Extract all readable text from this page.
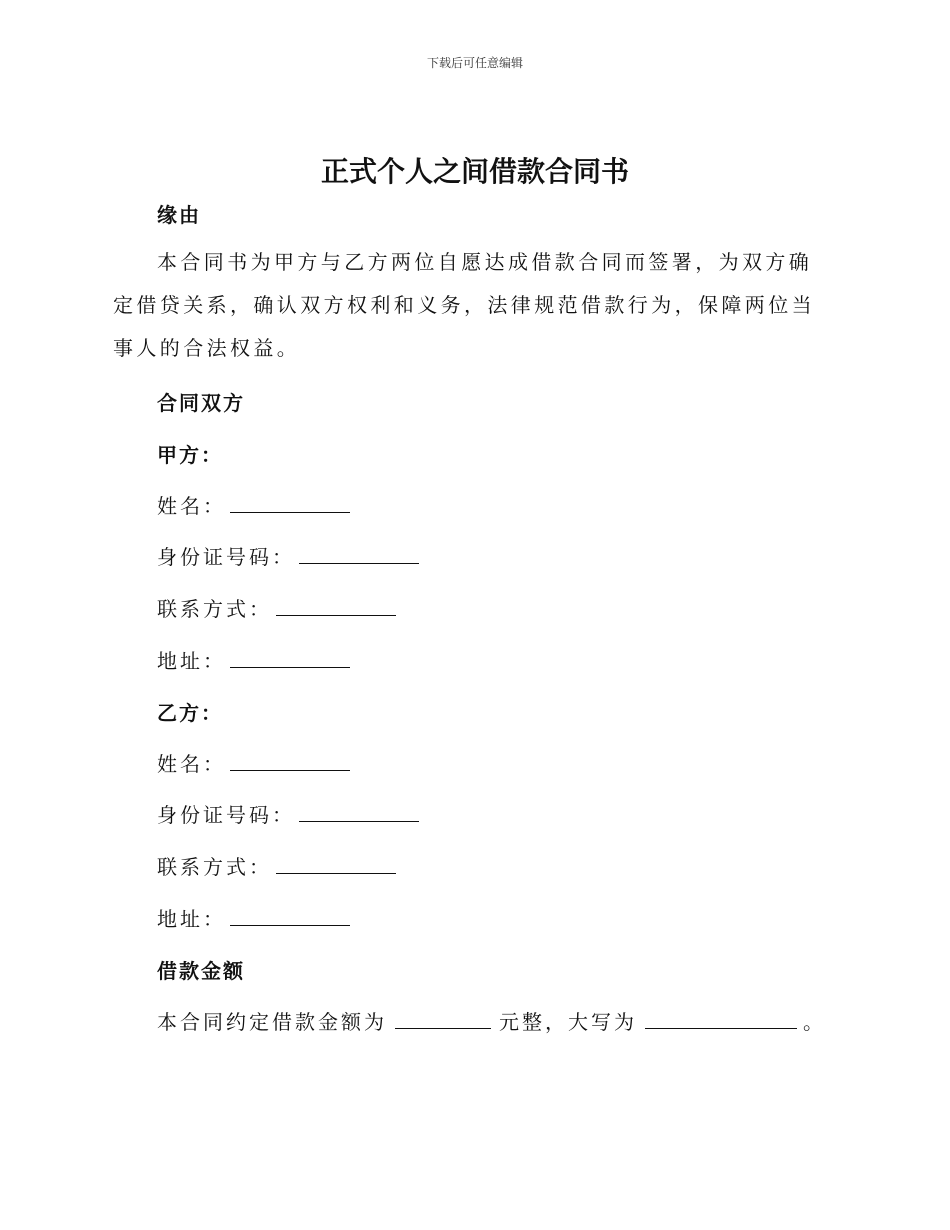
下载后可任意编辑
正式个人之间借款合同书
缘由
本合同书为甲方与乙方两位自愿达成借款合同而签署，为双方确定借贷关系，确认双方权利和义务，法律规范借款行为，保障两位当事人的合法权益。
合同双方
甲方：
姓名：
身份证号码：
联系方式：
地址：
乙方：
姓名：
身份证号码：
联系方式：
地址：
借款金额
本合同约定借款金额为	元整，大写为	。
